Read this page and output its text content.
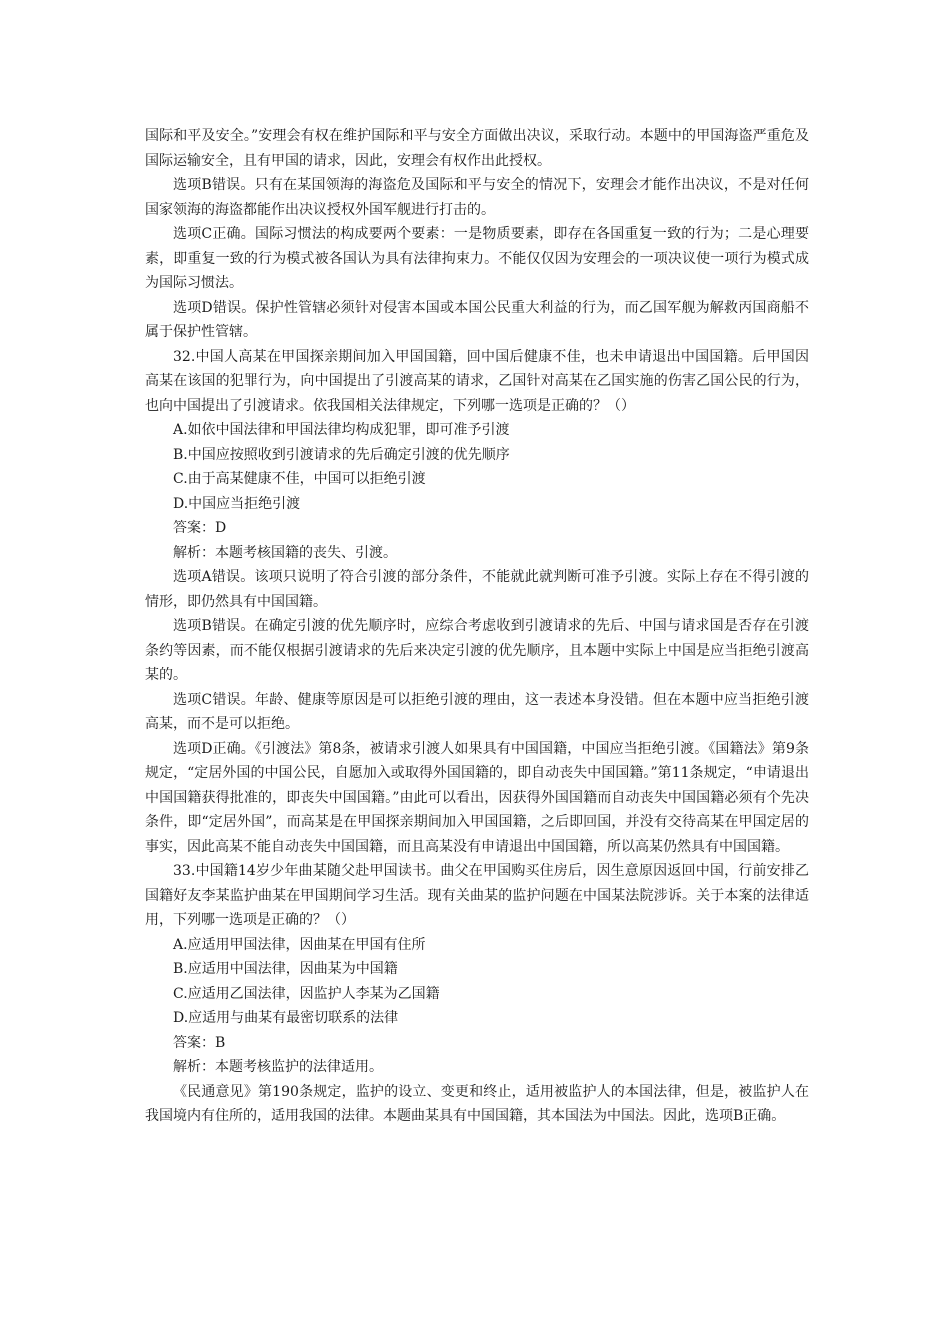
国际和平及安全。”安理会有权在维护国际和平与安全方面做出决议，采取行动。本题中的甲国海盗严重危及国际运输安全，且有甲国的请求，因此，安理会有权作出此授权。

选项B错误。只有在某国领海的海盗危及国际和平与安全的情况下，安理会才能作出决议，不是对任何国家领海的海盗都能作出决议授权外国军舰进行打击的。

选项C正确。国际习惯法的构成要两个要素：一是物质要素，即存在各国重复一致的行为；二是心理要素，即重复一致的行为模式被各国认为具有法律拘束力。不能仅仅因为安理会的一项决议使一项行为模式成为国际习惯法。

选项D错误。保护性管辖必须针对侵害本国或本国公民重大利益的行为，而乙国军舰为解救丙国商船不属于保护性管辖。

32.中国人高某在甲国探亲期间加入甲国国籍，回中国后健康不佳，也未申请退出中国国籍。后甲国因高某在该国的犯罪行为，向中国提出了引渡高某的请求，乙国针对高某在乙国实施的伤害乙国公民的行为，也向中国提出了引渡请求。依我国相关法律规定，下列哪一选项是正确的？（）

A.如依中国法律和甲国法律均构成犯罪，即可准予引渡

B.中国应按照收到引渡请求的先后确定引渡的优先顺序

C.由于高某健康不佳，中国可以拒绝引渡

D.中国应当拒绝引渡

答案：D

解析：本题考核国籍的丧失、引渡。

选项A错误。该项只说明了符合引渡的部分条件，不能就此就判断可准予引渡。实际上存在不得引渡的情形，即仍然具有中国国籍。

选项B错误。在确定引渡的优先顺序时，应综合考虑收到引渡请求的先后、中国与请求国是否存在引渡条约等因素，而不能仅根据引渡请求的先后来决定引渡的优先顺序，且本题中实际上中国是应当拒绝引渡高某的。

选项C错误。年龄、健康等原因是可以拒绝引渡的理由，这一表述本身没错。但在本题中应当拒绝引渡高某，而不是可以拒绝。

选项D正确。《引渡法》第8条，被请求引渡人如果具有中国国籍，中国应当拒绝引渡。《国籍法》第9条规定，“定居外国的中国公民，自愿加入或取得外国国籍的，即自动丧失中国国籍。”第11条规定，“申请退出中国国籍获得批准的，即丧失中国国籍。”由此可以看出，因获得外国国籍而自动丧失中国国籍必须有个先决条件，即“定居外国”，而高某是在甲国探亲期间加入甲国国籍，之后即回国，并没有交待高某在甲国定居的事实，因此高某不能自动丧失中国国籍，而且高某没有申请退出中国国籍，所以高某仍然具有中国国籍。

33.中国籍14岁少年曲某随父赴甲国读书。曲父在甲国购买住房后，因生意原因返回中国，行前安排乙国籍好友李某监护曲某在甲国期间学习生活。现有关曲某的监护问题在中国某法院涉诉。关于本案的法律适用，下列哪一选项是正确的？（）

A.应适用甲国法律，因曲某在甲国有住所

B.应适用中国法律，因曲某为中国籍

C.应适用乙国法律，因监护人李某为乙国籍

D.应适用与曲某有最密切联系的法律

答案：B

解析：本题考核监护的法律适用。

《民通意见》第190条规定，监护的设立、变更和终止，适用被监护人的本国法律，但是，被监护人在我国境内有住所的，适用我国的法律。本题曲某具有中国国籍，其本国法为中国法。因此，选项B正确。
